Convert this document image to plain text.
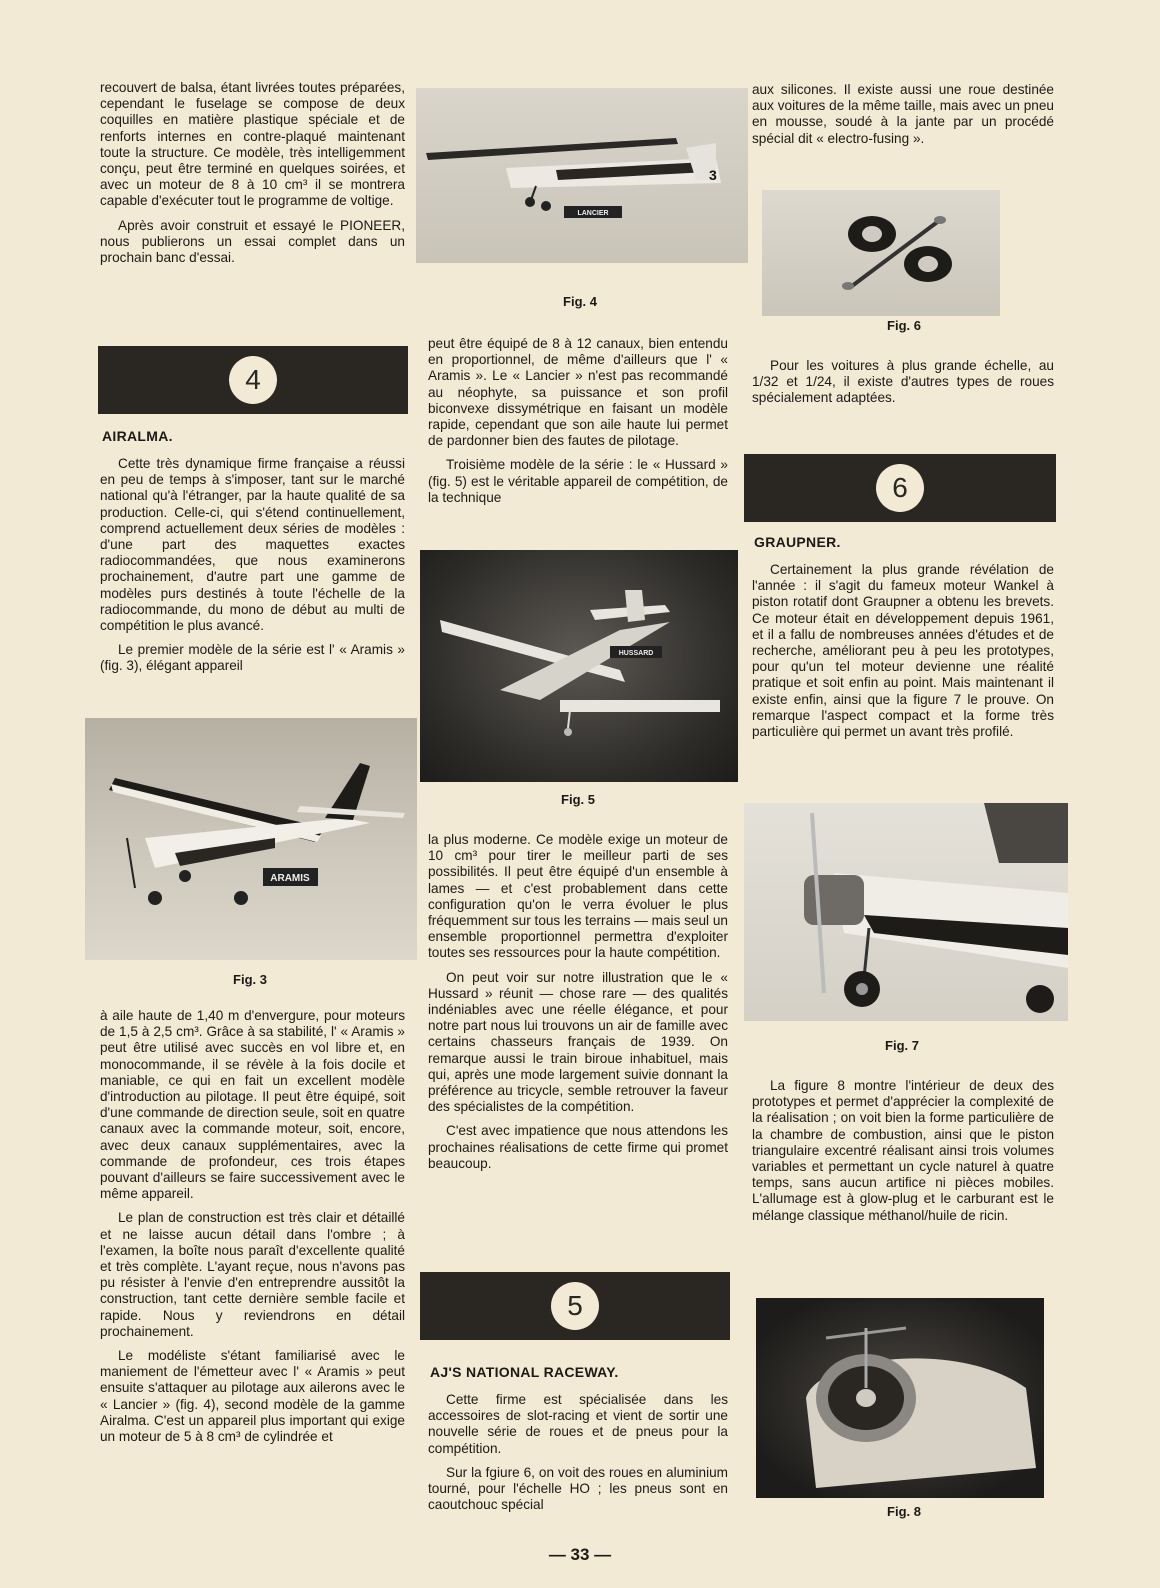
recouvert de balsa, étant livrées toutes préparées, cependant le fuselage se compose de deux coquilles en matière plastique spéciale et de renforts internes en contre-plaqué maintenant toute la structure. Ce modèle, très intelligemment conçu, peut être terminé en quelques soirées, et avec un moteur de 8 à 10 cm³ il se montrera capable d'exécuter tout le programme de voltige.

Après avoir construit et essayé le PIONEER, nous publierons un essai complet dans un prochain banc d'essai.

4
AIRALMA.

Cette très dynamique firme française a réussi en peu de temps à s'imposer, tant sur le marché national qu'à l'étranger, par la haute qualité de sa production. Celle-ci, qui s'étend continuellement, comprend actuellement deux séries de modèles : d'une part des maquettes exactes radiocommandées, que nous examinerons prochainement, d'autre part une gamme de modèles purs destinés à toute l'échelle de la radiocommande, du mono de début au multi de compétition le plus avancé.

Le premier modèle de la série est l' « Aramis » (fig. 3), élégant appareil

ARAMIS
Fig. 3

à aile haute de 1,40 m d'envergure, pour moteurs de 1,5 à 2,5 cm³. Grâce à sa stabilité, l' « Aramis » peut être utilisé avec succès en vol libre et, en monocommande, il se révèle à la fois docile et maniable, ce qui en fait un excellent modèle d'introduction au pilotage. Il peut être équipé, soit d'une commande de direction seule, soit en quatre canaux avec la commande moteur, soit, encore, avec deux canaux supplémentaires, avec la commande de profondeur, ces trois étapes pouvant d'ailleurs se faire successivement avec le même appareil.

Le plan de construction est très clair et détaillé et ne laisse aucun détail dans l'ombre ; à l'examen, la boîte nous paraît d'excellente qualité et très complète. L'ayant reçue, nous n'avons pas pu résister à l'envie d'en entreprendre aussitôt la construction, tant cette dernière semble facile et rapide. Nous y reviendrons en détail prochainement.

Le modéliste s'étant familiarisé avec le maniement de l'émetteur avec l' « Aramis » peut ensuite s'attaquer au pilotage aux ailerons avec le « Lancier » (fig. 4), second modèle de la gamme Airalma. C'est un appareil plus important qui exige un moteur de 5 à 8 cm³ de cylindrée et

3
LANCIER
Fig. 4

peut être équipé de 8 à 12 canaux, bien entendu en proportionnel, de même d'ailleurs que l' « Aramis ». Le « Lancier » n'est pas recommandé au néophyte, sa puissance et son profil biconvexe dissymétrique en faisant un modèle rapide, cependant que son aile haute lui permet de pardonner bien des fautes de pilotage.

Troisième modèle de la série : le « Hussard » (fig. 5) est le véritable appareil de compétition, de la technique

HUSSARD
Fig. 5

la plus moderne. Ce modèle exige un moteur de 10 cm³ pour tirer le meilleur parti de ses possibilités. Il peut être équipé d'un ensemble à lames — et c'est probablement dans cette configuration qu'on le verra évoluer le plus fréquemment sur tous les terrains — mais seul un ensemble proportionnel permettra d'exploiter toutes ses ressources pour la haute compétition.

On peut voir sur notre illustration que le « Hussard » réunit — chose rare — des qualités indéniables avec une réelle élégance, et pour notre part nous lui trouvons un air de famille avec certains chasseurs français de 1939. On remarque aussi le train biroue inhabituel, mais qui, après une mode largement suivie donnant la préférence au tricycle, semble retrouver la faveur des spécialistes de la compétition.

C'est avec impatience que nous attendons les prochaines réalisations de cette firme qui promet beaucoup.

5
AJ'S NATIONAL RACEWAY.

Cette firme est spécialisée dans les accessoires de slot-racing et vient de sortir une nouvelle série de roues et de pneus pour la compétition.

Sur la fgiure 6, on voit des roues en aluminium tourné, pour l'échelle HO ; les pneus sont en caoutchouc spécial

aux silicones. Il existe aussi une roue destinée aux voitures de la même taille, mais avec un pneu en mousse, soudé à la jante par un procédé spécial dit « electro-fusing ».

Fig. 6

Pour les voitures à plus grande échelle, au 1/32 et 1/24, il existe d'autres types de roues spécialement adaptées.

6
GRAUPNER.

Certainement la plus grande révélation de l'année : il s'agit du fameux moteur Wankel à piston rotatif dont Graupner a obtenu les brevets. Ce moteur était en développement depuis 1961, et il a fallu de nombreuses années d'études et de recherche, améliorant peu à peu les prototypes, pour qu'un tel moteur devienne une réalité pratique et soit enfin au point. Mais maintenant il existe enfin, ainsi que la figure 7 le prouve. On remarque l'aspect compact et la forme très particulière qui permet un avant très profilé.

Fig. 7

La figure 8 montre l'intérieur de deux des prototypes et permet d'apprécier la complexité de la réalisation ; on voit bien la forme particulière de la chambre de combustion, ainsi que le piston triangulaire excentré réalisant ainsi trois volumes variables et permettant un cycle naturel à quatre temps, sans aucun artifice ni pièces mobiles. L'allumage est à glow-plug et le carburant est le mélange classique méthanol/huile de ricin.

Fig. 8
— 33 —
